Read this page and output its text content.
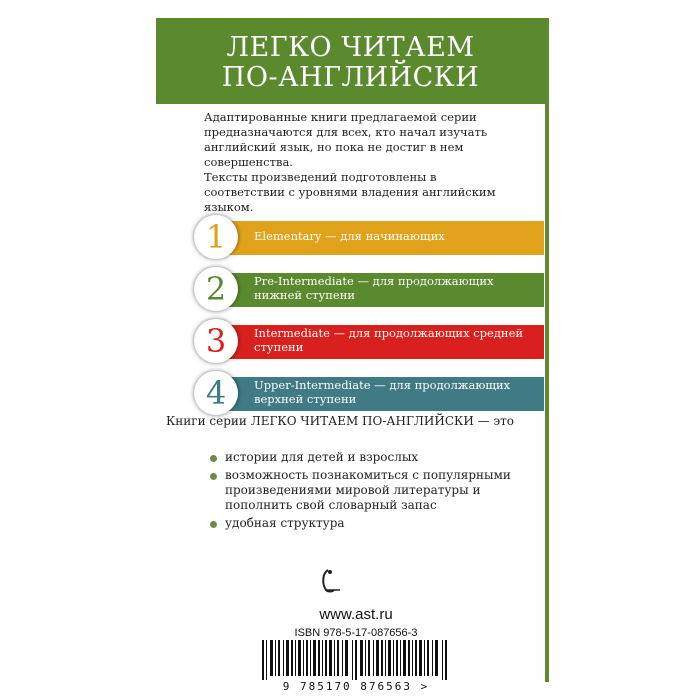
ЛЕГКО ЧИТАЕМ
ПО-АНГЛИЙСКИ
Адаптированные книги предлагаемой серии предназначаются для всех, кто начал изучать английский язык, но пока не достиг в нем совершенства.
Тексты произведений подготовлены в соответствии с уровнями владения английским языком.
1	Elementary — для начинающих
2	Pre-Intermediate — для продолжающих нижней ступени
3	Intermediate — для продолжающих средней ступени
4	Upper-Intermediate — для продолжающих верхней ступени
Книги серии ЛЕГКО ЧИТАЕМ ПО-АНГЛИЙСКИ — это
истории для детей и взрослых
возможность познакомиться с популярными произведениями мировой литературы и пополнить свой словарный запас
удобная структура
www.ast.ru
ISBN 978-5-17-087656-3
9 785170 876563 >
